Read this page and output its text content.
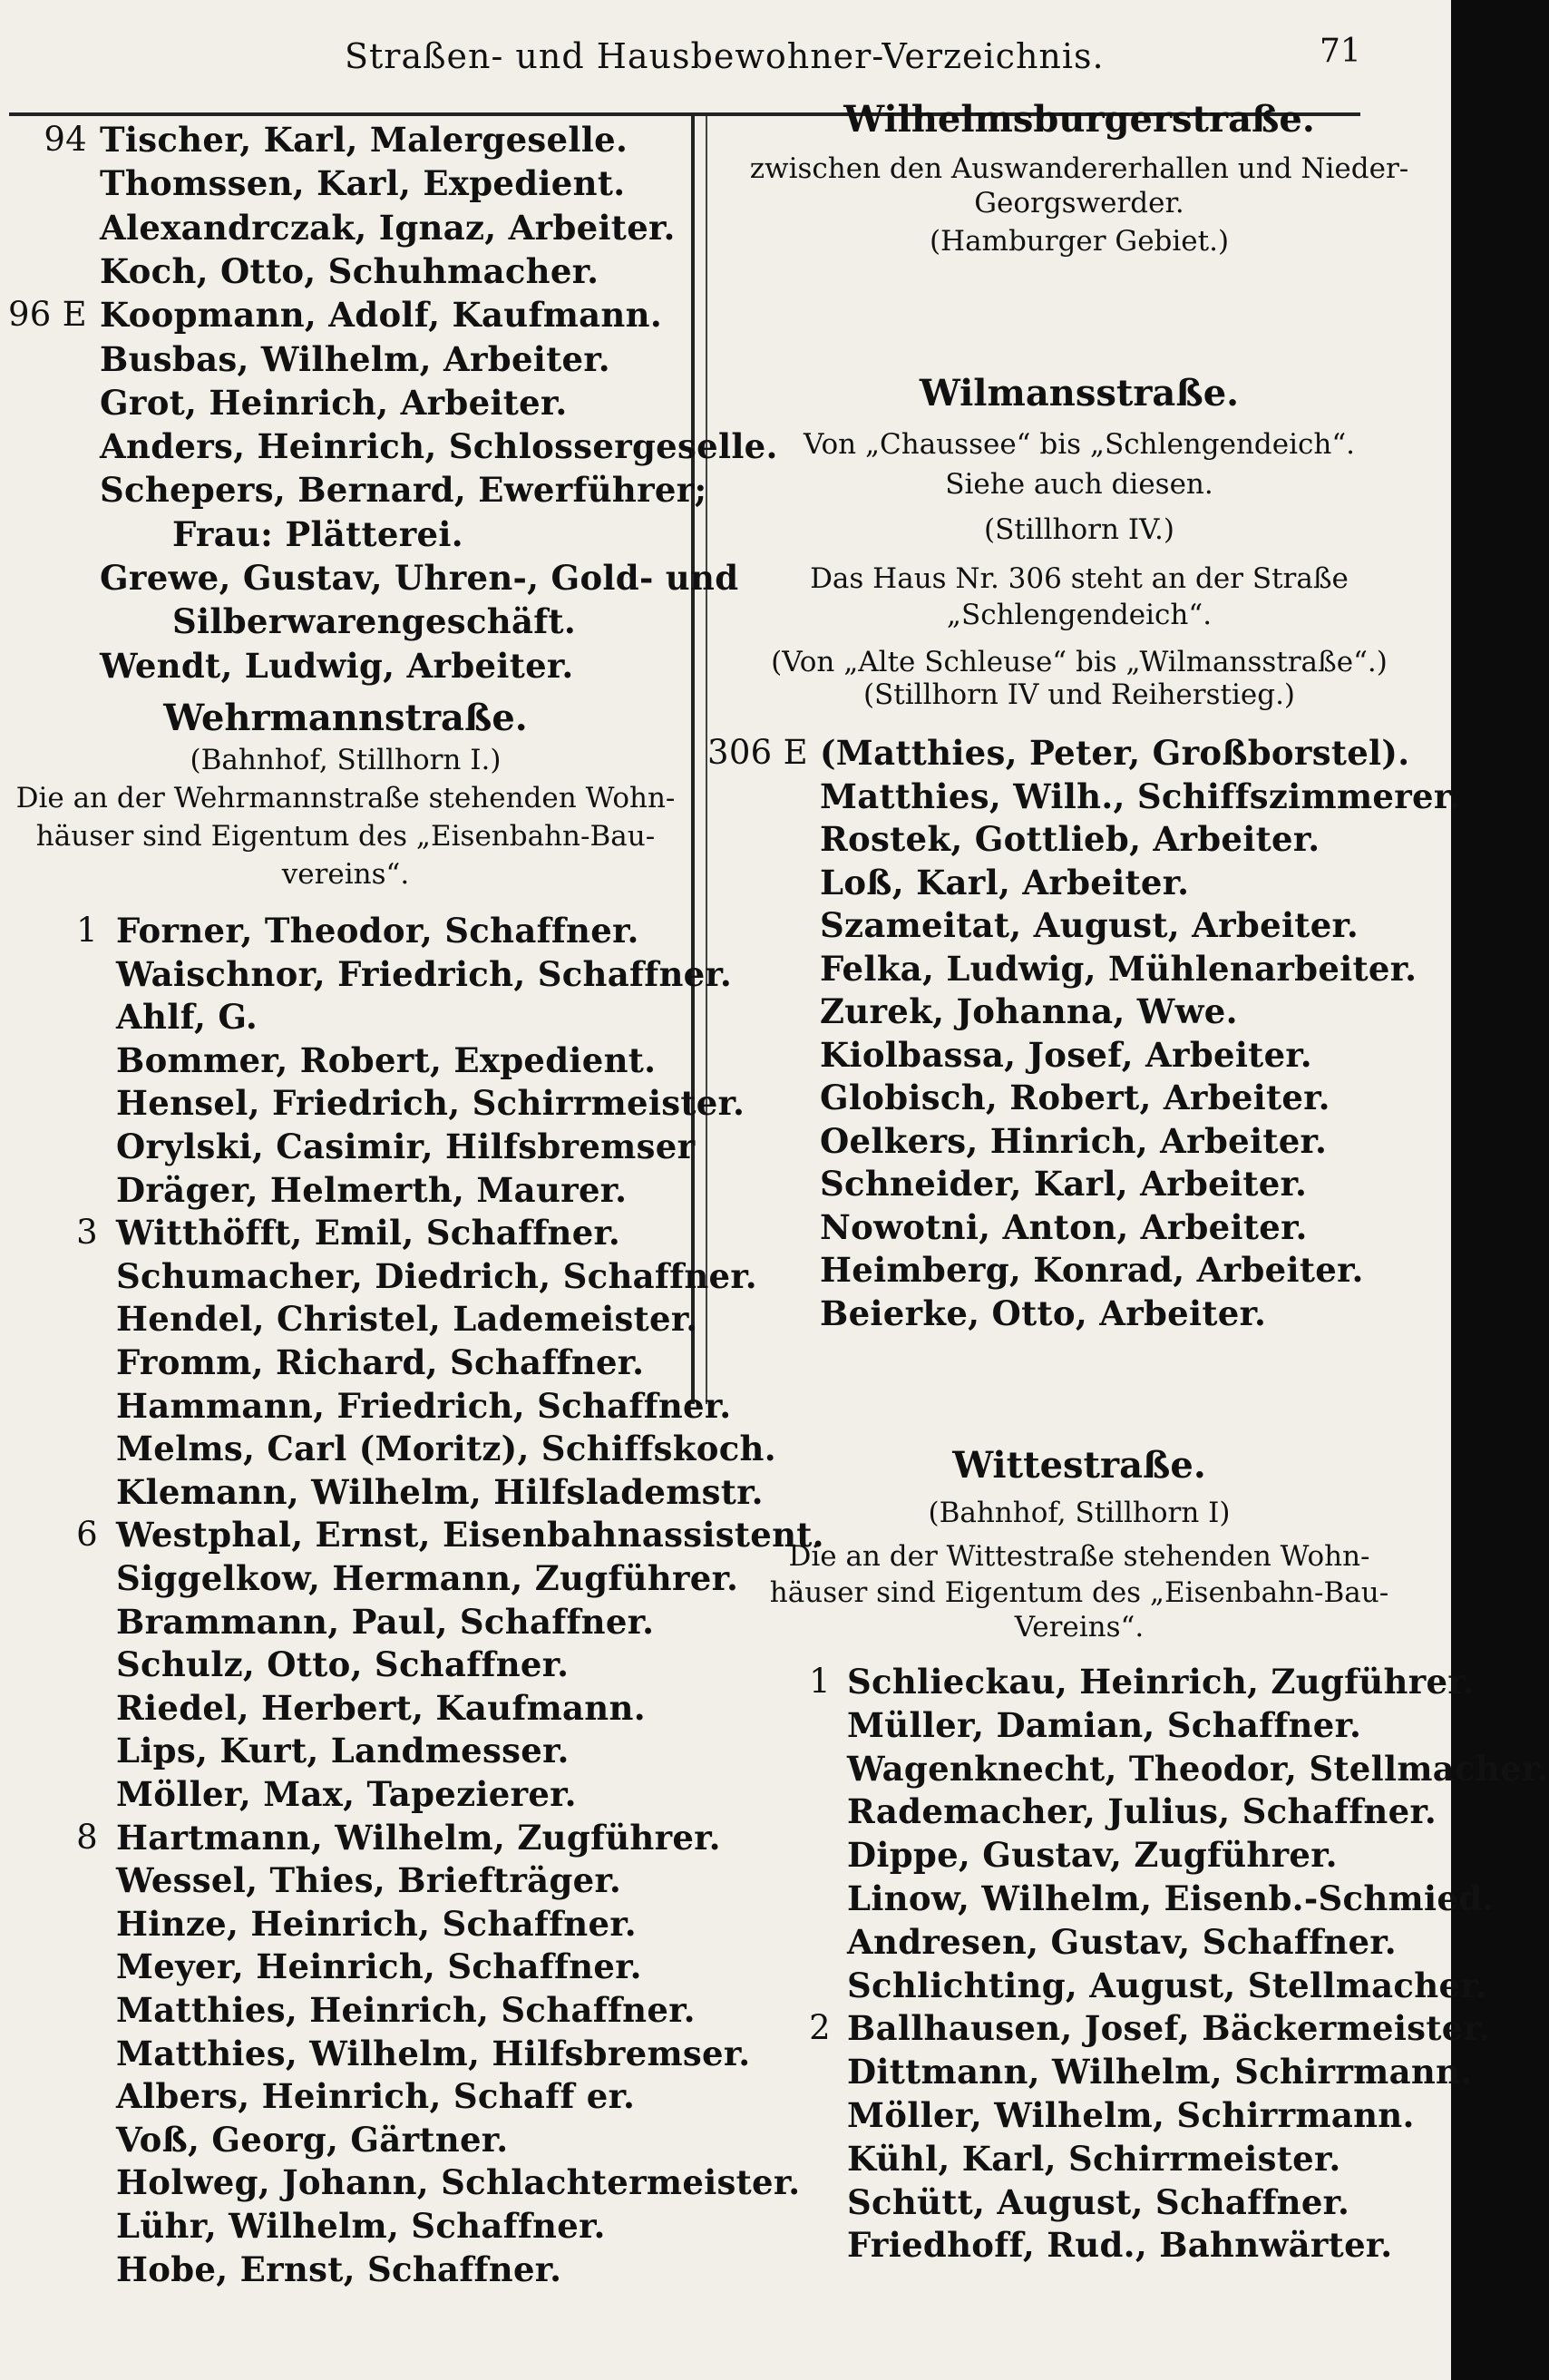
Straßen- und Hausbewohner-Verzeichnis.	71
94 Tischer, Karl, Malergeselle.
Thomssen, Karl, Expedient.
Alexandrczak, Ignaz, Arbeiter.
Koch, Otto, Schuhmacher.
96 E Koopmann, Adolf, Kaufmann.
Busbas, Wilhelm, Arbeiter.
Grot, Heinrich, Arbeiter.
Anders, Heinrich, Schlossergeselle.
Schepers, Bernard, Ewerführer;
Frau: Plätterei.
Grewe, Gustav, Uhren-, Gold- und
Silberwarengeschäft.
Wendt, Ludwig, Arbeiter.
Wehrmannstraße.
(Bahnhof, Stillhorn I.)
Die an der Wehrmannstraße stehenden Wohn-
häuser sind Eigentum des „Eisenbahn-Bau-
vereins“.
1 Forner, Theodor, Schaffner.
Waischnor, Friedrich, Schaffner.
Ahlf, G.
Bommer, Robert, Expedient.
Hensel, Friedrich, Schirrmeister.
Orylski, Casimir, Hilfsbremser
Dräger, Helmerth, Maurer.
3 Witthöfft, Emil, Schaffner.
Schumacher, Diedrich, Schaffner.
Hendel, Christel, Lademeister.
Fromm, Richard, Schaffner.
Hammann, Friedrich, Schaffner.
Melms, Carl (Moritz), Schiffskoch.
Klemann, Wilhelm, Hilfslademstr.
6 Westphal, Ernst, Eisenbahnassistent.
Siggelkow, Hermann, Zugführer.
Brammann, Paul, Schaffner.
Schulz, Otto, Schaffner.
Riedel, Herbert, Kaufmann.
Lips, Kurt, Landmesser.
Möller, Max, Tapezierer.
8 Hartmann, Wilhelm, Zugführer.
Wessel, Thies, Briefträger.
Hinze, Heinrich, Schaffner.
Meyer, Heinrich, Schaffner.
Matthies, Heinrich, Schaffner.
Matthies, Wilhelm, Hilfsbremser.
Albers, Heinrich, Schaff er.
Voß, Georg, Gärtner.
Holweg, Johann, Schlachtermeister.
Lühr, Wilhelm, Schaffner.
Hobe, Ernst, Schaffner.
Wilhelmsburgerstraße.
zwischen den Auswandererhallen und Nieder-
Georgswerder.
(Hamburger Gebiet.)
Wilmansstraße.
Von „Chaussee“ bis „Schlengendeich“.
Siehe auch diesen.
(Stillhorn IV.)
Das Haus Nr. 306 steht an der Straße
„Schlengendeich“.
(Von „Alte Schleuse“ bis „Wilmansstraße“.)
(Stillhorn IV und Reiherstieg.)
306 E (Matthies, Peter, Großborstel).
Matthies, Wilh., Schiffszimmerer.
Rostek, Gottlieb, Arbeiter.
Loß, Karl, Arbeiter.
Szameitat, August, Arbeiter.
Felka, Ludwig, Mühlenarbeiter.
Zurek, Johanna, Wwe.
Kiolbassa, Josef, Arbeiter.
Globisch, Robert, Arbeiter.
Oelkers, Hinrich, Arbeiter.
Schneider, Karl, Arbeiter.
Nowotni, Anton, Arbeiter.
Heimberg, Konrad, Arbeiter.
Beierke, Otto, Arbeiter.
Wittestraße.
(Bahnhof, Stillhorn I)
Die an der Wittestraße stehenden Wohn-
häuser sind Eigentum des „Eisenbahn-Bau-
Vereins“.
1 Schlieckau, Heinrich, Zugführer.
Müller, Damian, Schaffner.
Wagenknecht, Theodor, Stellmacher.
Rademacher, Julius, Schaffner.
Dippe, Gustav, Zugführer.
Linow, Wilhelm, Eisenb.-Schmied.
Andresen, Gustav, Schaffner.
Schlichting, August, Stellmacher.
2 Ballhausen, Josef, Bäckermeister.
Dittmann, Wilhelm, Schirrmann.
Möller, Wilhelm, Schirrmann.
Kühl, Karl, Schirrmeister.
Schütt, August, Schaffner.
Friedhoff, Rud., Bahnwärter.
